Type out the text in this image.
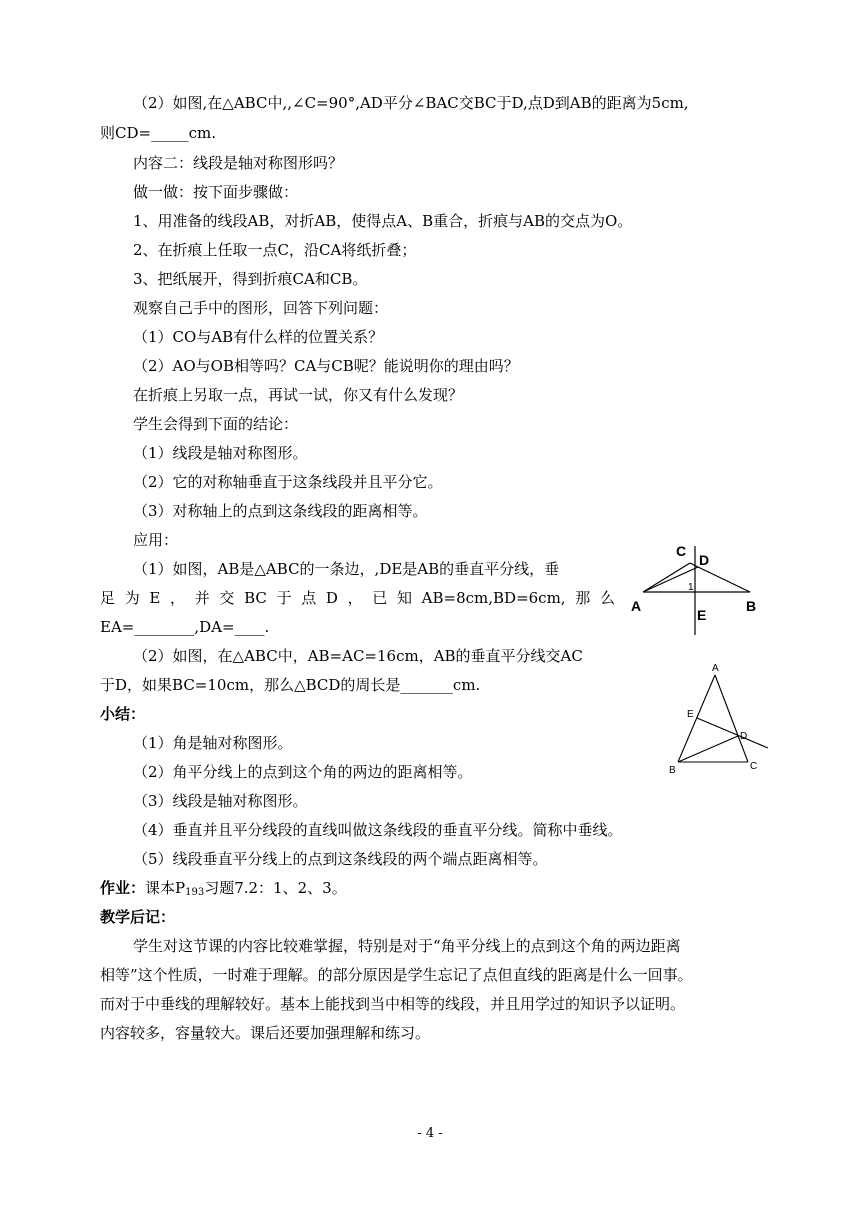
（2）如图,在△ABC中,,∠C=90°,AD平分∠BAC交BC于D,点D到AB的距离为5cm,
则CD=_____cm.
内容二：线段是轴对称图形吗？
做一做：按下面步骤做：
1、用准备的线段AB，对折AB，使得点A、B重合，折痕与AB的交点为O。
2、在折痕上任取一点C，沿CA将纸折叠；
3、把纸展开，得到折痕CA和CB。
观察自己手中的图形，回答下列问题：
（1）CO与AB有什么样的位置关系？
（2）AO与OB相等吗？CA与CB呢？能说明你的理由吗？
在折痕上另取一点，再试一试，你又有什么发现？
学生会得到下面的结论：
（1）线段是轴对称图形。
（2）它的对称轴垂直于这条线段并且平分它。
（3）对称轴上的点到这条线段的距离相等。
应用：
（1）如图，AB是△ABC的一条边，,DE是AB的垂直平分线，垂
足 为 E ， 并 交 BC 于 点 D ， 已 知 AB=8cm,BD=6cm, 那 么
EA=________,DA=____.
（2）如图，在△ABC中，AB=AC=16cm，AB的垂直平分线交AC
于D，如果BC=10cm，那么△BCD的周长是_______cm.
小结：
（1）角是轴对称图形。
（2）角平分线上的点到这个角的两边的距离相等。
（3）线段是轴对称图形。
（4）垂直并且平分线段的直线叫做这条线段的垂直平分线。简称中垂线。
（5）线段垂直平分线上的点到这条线段的两个端点距离相等。
作业：课本$P_{193}$习题7.2：1、2、3。
教学后记：
学生对这节课的内容比较难掌握，特别是对于“角平分线上的点到这个角的两边距离
相等”这个性质，一时难于理解。的部分原因是学生忘记了点但直线的距离是什么一回事。
而对于中垂线的理解较好。基本上能找到当中相等的线段，并且用学过的知识予以证明。
内容较多，容量较大。课后还要加强理解和练习。
A	B
C
D
E
1
A
B	C
D
E
- 4 -
